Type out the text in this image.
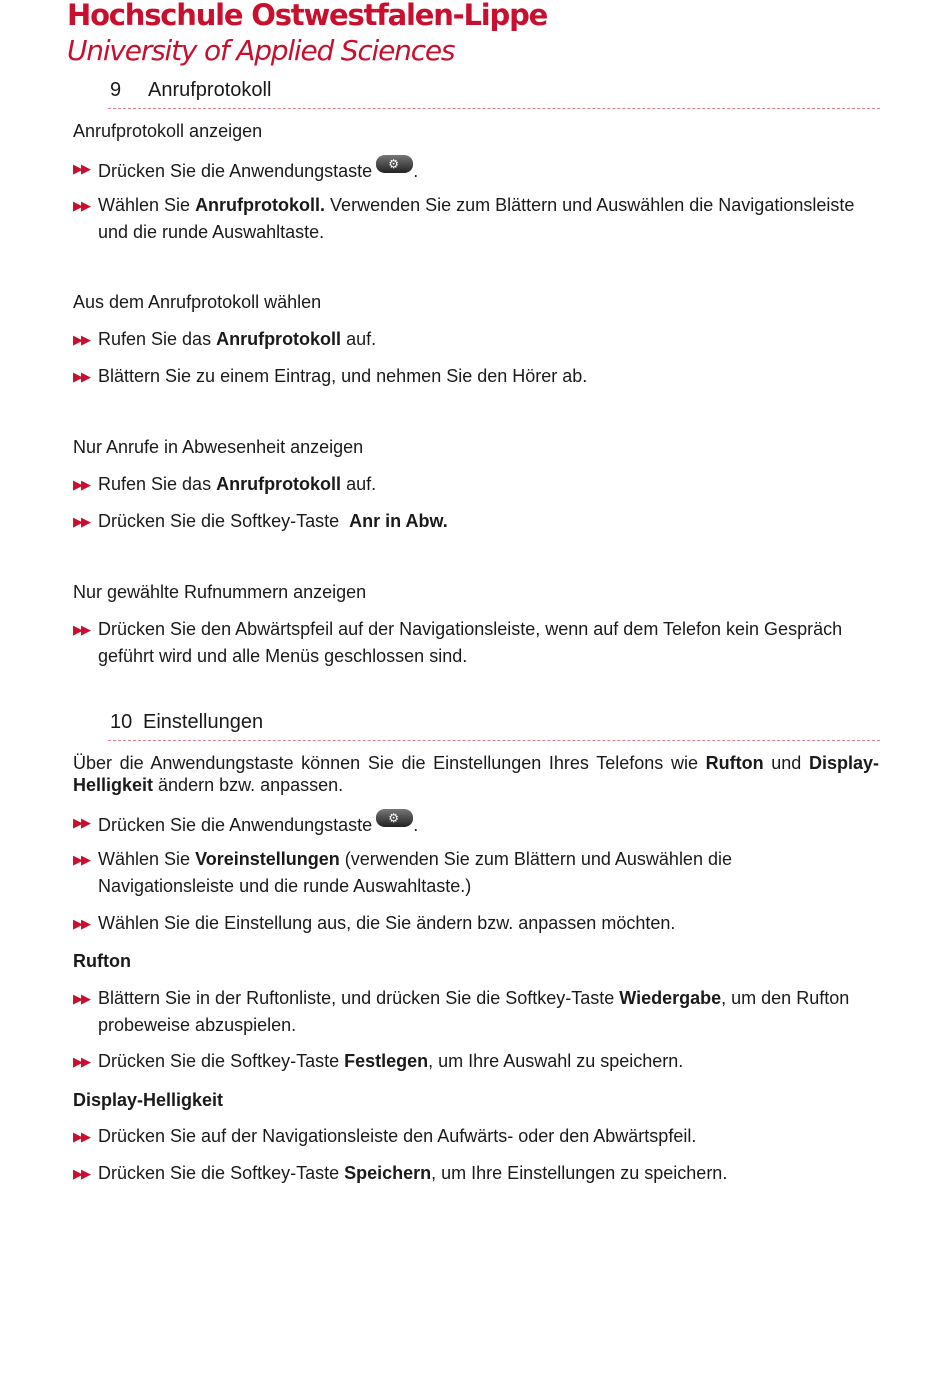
Hochschule Ostwestfalen-Lippe
University of Applied Sciences
9 Anrufprotokoll
Anrufprotokoll anzeigen
▶▶ Drücken Sie die Anwendungstaste ⚙ .
▶▶ Wählen Sie Anrufprotokoll. Verwenden Sie zum Blättern und Auswählen die Navigationsleiste und die runde Auswahltaste.
Aus dem Anrufprotokoll wählen
▶▶ Rufen Sie das Anrufprotokoll auf.
▶▶ Blättern Sie zu einem Eintrag, und nehmen Sie den Hörer ab.
Nur Anrufe in Abwesenheit anzeigen
▶▶ Rufen Sie das Anrufprotokoll auf.
▶▶ Drücken Sie die Softkey-Taste  Anr in Abw.
Nur gewählte Rufnummern anzeigen
▶▶ Drücken Sie den Abwärtspfeil auf der Navigationsleiste, wenn auf dem Telefon kein Gespräch geführt wird und alle Menüs geschlossen sind.
10 Einstellungen
Über die Anwendungstaste können Sie die Einstellungen Ihres Telefons wie Rufton und Display-Helligkeit ändern bzw. anpassen.
▶▶ Drücken Sie die Anwendungstaste ⚙ .
▶▶ Wählen Sie Voreinstellungen (verwenden Sie zum Blättern und Auswählen die Navigationsleiste und die runde Auswahltaste.)
▶▶ Wählen Sie die Einstellung aus, die Sie ändern bzw. anpassen möchten.
Rufton
▶▶ Blättern Sie in der Ruftonliste, und drücken Sie die Softkey-Taste Wiedergabe, um den Rufton probeweise abzuspielen.
▶▶ Drücken Sie die Softkey-Taste Festlegen, um Ihre Auswahl zu speichern.
Display-Helligkeit
▶▶ Drücken Sie auf der Navigationsleiste den Aufwärts- oder den Abwärtspfeil.
▶▶ Drücken Sie die Softkey-Taste Speichern, um Ihre Einstellungen zu speichern.
